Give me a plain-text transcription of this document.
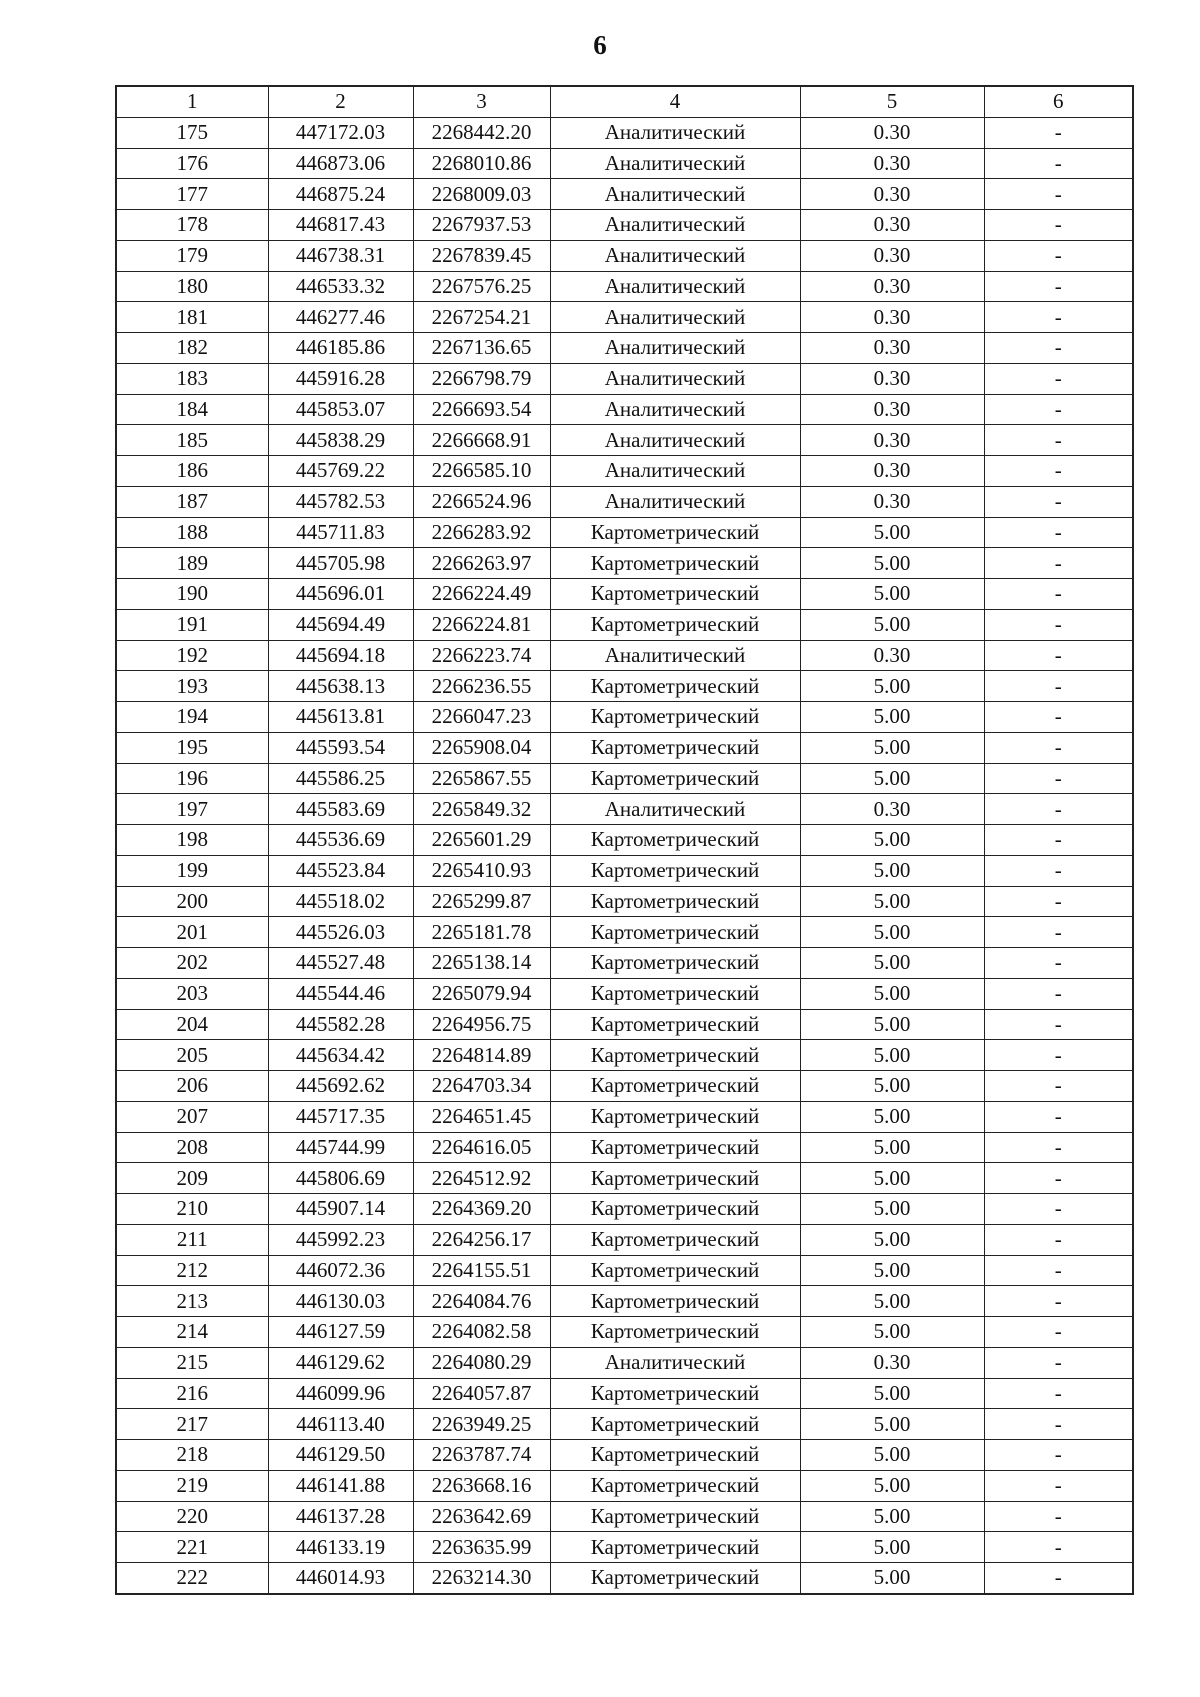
6
1	2	3	4	5	6
175	447172.03	2268442.20	Аналитический	0.30	-
176	446873.06	2268010.86	Аналитический	0.30	-
177	446875.24	2268009.03	Аналитический	0.30	-
178	446817.43	2267937.53	Аналитический	0.30	-
179	446738.31	2267839.45	Аналитический	0.30	-
180	446533.32	2267576.25	Аналитический	0.30	-
181	446277.46	2267254.21	Аналитический	0.30	-
182	446185.86	2267136.65	Аналитический	0.30	-
183	445916.28	2266798.79	Аналитический	0.30	-
184	445853.07	2266693.54	Аналитический	0.30	-
185	445838.29	2266668.91	Аналитический	0.30	-
186	445769.22	2266585.10	Аналитический	0.30	-
187	445782.53	2266524.96	Аналитический	0.30	-
188	445711.83	2266283.92	Картометрический	5.00	-
189	445705.98	2266263.97	Картометрический	5.00	-
190	445696.01	2266224.49	Картометрический	5.00	-
191	445694.49	2266224.81	Картометрический	5.00	-
192	445694.18	2266223.74	Аналитический	0.30	-
193	445638.13	2266236.55	Картометрический	5.00	-
194	445613.81	2266047.23	Картометрический	5.00	-
195	445593.54	2265908.04	Картометрический	5.00	-
196	445586.25	2265867.55	Картометрический	5.00	-
197	445583.69	2265849.32	Аналитический	0.30	-
198	445536.69	2265601.29	Картометрический	5.00	-
199	445523.84	2265410.93	Картометрический	5.00	-
200	445518.02	2265299.87	Картометрический	5.00	-
201	445526.03	2265181.78	Картометрический	5.00	-
202	445527.48	2265138.14	Картометрический	5.00	-
203	445544.46	2265079.94	Картометрический	5.00	-
204	445582.28	2264956.75	Картометрический	5.00	-
205	445634.42	2264814.89	Картометрический	5.00	-
206	445692.62	2264703.34	Картометрический	5.00	-
207	445717.35	2264651.45	Картометрический	5.00	-
208	445744.99	2264616.05	Картометрический	5.00	-
209	445806.69	2264512.92	Картометрический	5.00	-
210	445907.14	2264369.20	Картометрический	5.00	-
211	445992.23	2264256.17	Картометрический	5.00	-
212	446072.36	2264155.51	Картометрический	5.00	-
213	446130.03	2264084.76	Картометрический	5.00	-
214	446127.59	2264082.58	Картометрический	5.00	-
215	446129.62	2264080.29	Аналитический	0.30	-
216	446099.96	2264057.87	Картометрический	5.00	-
217	446113.40	2263949.25	Картометрический	5.00	-
218	446129.50	2263787.74	Картометрический	5.00	-
219	446141.88	2263668.16	Картометрический	5.00	-
220	446137.28	2263642.69	Картометрический	5.00	-
221	446133.19	2263635.99	Картометрический	5.00	-
222	446014.93	2263214.30	Картометрический	5.00	-
